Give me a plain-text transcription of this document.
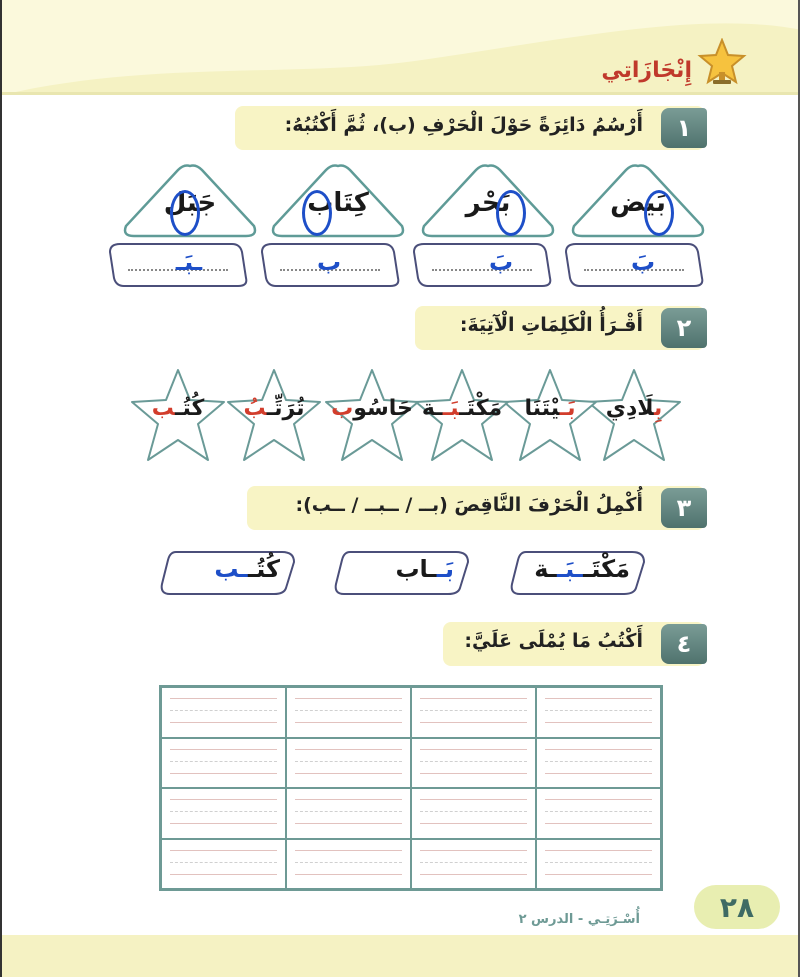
إِنْجَازَاتِي
١
أَرْسُمُ دَائِرَةً حَوْلَ الْحَرْفِ (ب)، ثُمَّ أَكْتُبُهُ:
بَيض
بَحْر
كِتَاب
جَبَل
بَ
بَ
ب
ـبَـ
٢
أَقْـرَأُ الْكَلِمَاتِ الْآتِيَةَ:
بِلَادِي
بَـيْتَنَا
مَكْتَـبَــة
حَاسُوب
تُرَتِّـبُ
كُتُـب
٣
أُكْمِلُ الْحَرْفَ النَّاقِصَ (بــ / ــبــ / ــب):
مَكْتَــبَــة
بَــاب
كُتُــب
٤
أَكْتُبُ مَا يُمْلَى عَلَيَّ:
٢٨
أُسْـرَتِـي - الدرس ٢
